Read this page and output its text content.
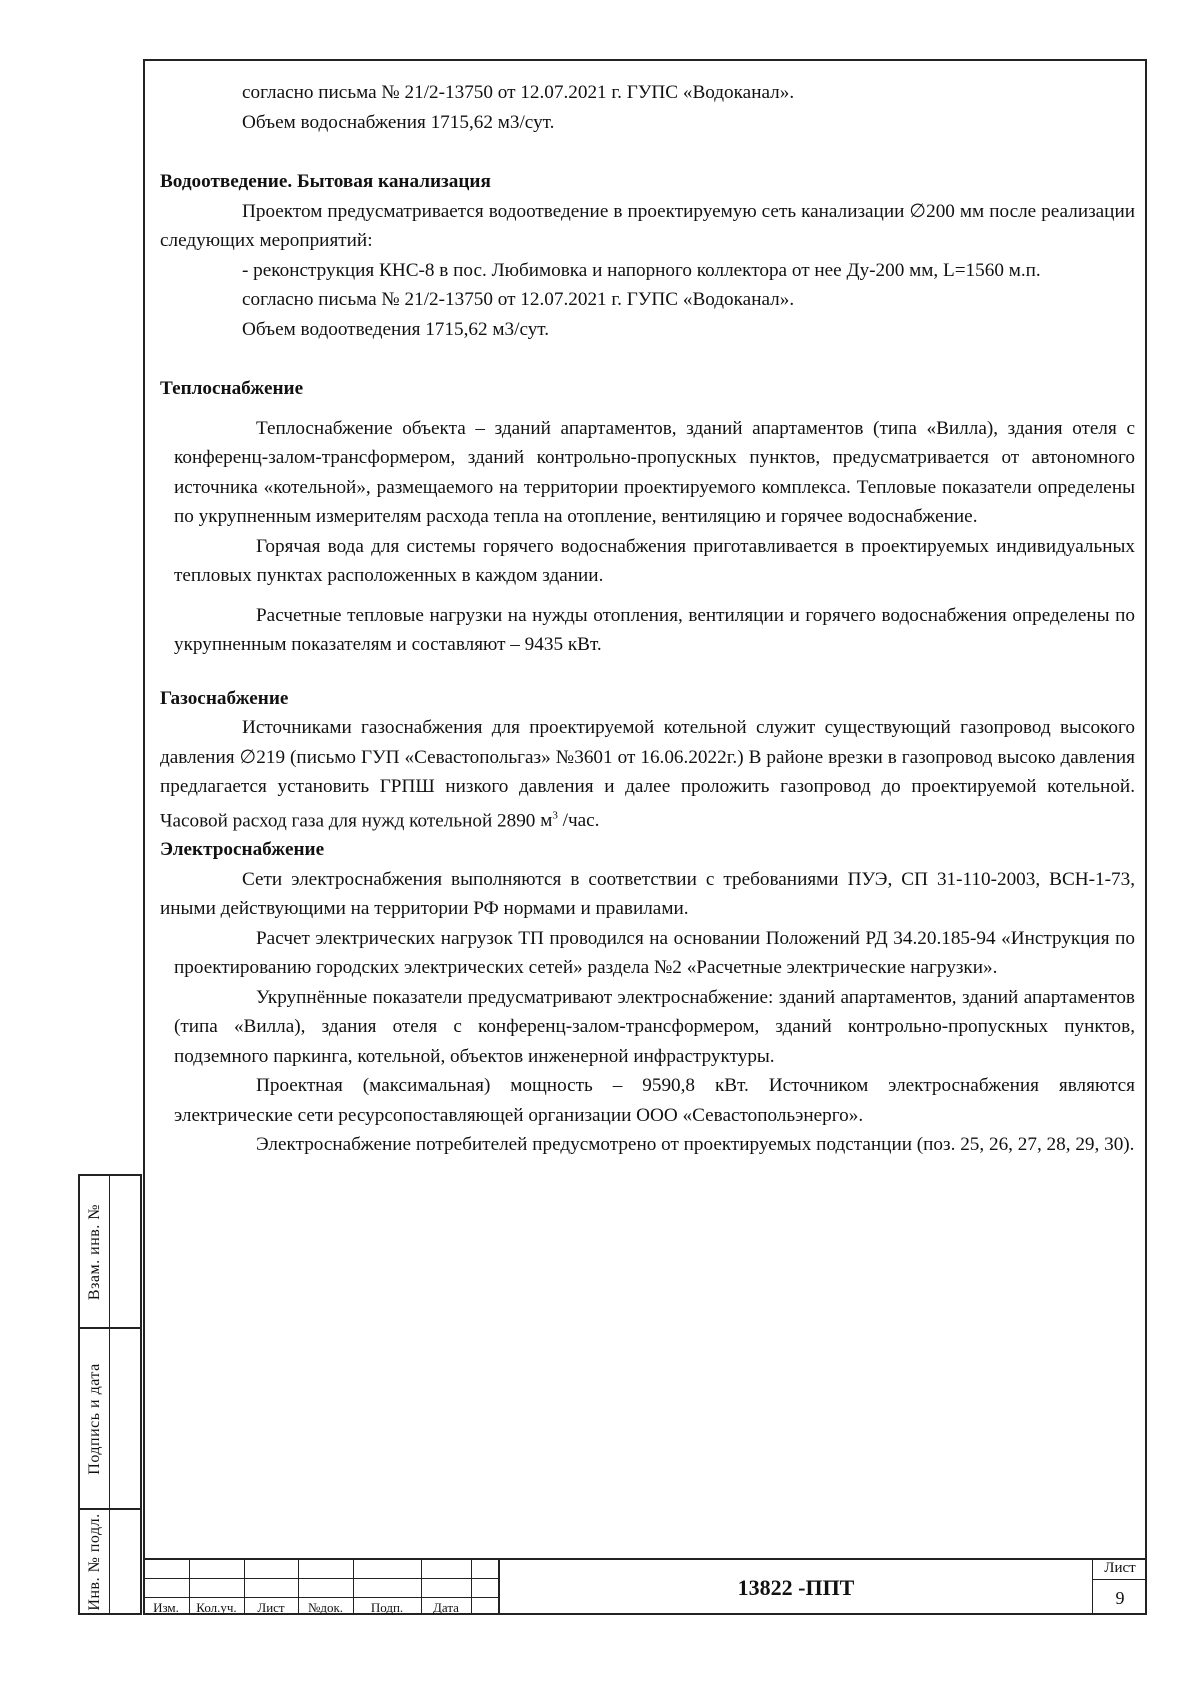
согласно письма № 21/2-13750 от 12.07.2021 г. ГУПС «Водоканал».

Объем водоснабжения 1715,62 м3/сут.

Водоотведение. Бытовая канализация

Проектом предусматривается водоотведение в проектируемую сеть канализации ∅200 мм после реализации следующих мероприятий:

- реконструкция КНС-8 в пос. Любимовка и напорного коллектора от нее Ду-200 мм, L=1560 м.п.

согласно письма № 21/2-13750 от 12.07.2021 г. ГУПС «Водоканал».

Объем водоотведения 1715,62 м3/сут.

Теплоснабжение

Теплоснабжение объекта – зданий апартаментов, зданий апартаментов (типа «Вилла), здания отеля с конференц-залом-трансформером, зданий контрольно-пропускных пунктов, предусматривается от автономного источника «котельной», размещаемого на территории проектируемого комплекса. Тепловые показатели определены по укрупненным измерителям расхода тепла на отопление, вентиляцию и горячее водоснабжение.

Горячая вода для системы горячего водоснабжения приготавливается в проектируемых индивидуальных тепловых пунктах расположенных в каждом здании.

Расчетные тепловые нагрузки на нужды отопления, вентиляции и горячего водоснабжения определены по укрупненным показателям и составляют – 9435 кВт.

Газоснабжение

Источниками газоснабжения для проектируемой котельной служит существующий газопровод высокого давления ∅219 (письмо ГУП «Севастопольгаз» №3601 от 16.06.2022г.) В районе врезки в газопровод высоко давления предлагается установить ГРПШ низкого давления и далее проложить газопровод до проектируемой котельной. Часовой расход газа для нужд котельной 2890 $м^3$ /час.

Электроснабжение

Сети электроснабжения выполняются в соответствии с требованиями ПУЭ, СП 31-110-2003, ВСН-1-73, иными действующими на территории РФ нормами и правилами.

Расчет электрических нагрузок ТП проводился на основании Положений РД 34.20.185-94 «Инструкция по проектированию городских электрических сетей» раздела №2 «Расчетные электрические нагрузки».

Укрупнённые показатели предусматривают электроснабжение: зданий апартаментов, зданий апартаментов (типа «Вилла), здания отеля с конференц-залом-трансформером, зданий контрольно-пропускных пунктов, подземного паркинга, котельной, объектов инженерной инфраструктуры.

Проектная (максимальная) мощность – 9590,8 кВт. Источником электроснабжения являются электрические сети ресурсопоставляющей организации ООО «Севастопольэнерго».

Электроснабжение потребителей предусмотрено от проектируемых подстанции (поз. 25, 26, 27, 28, 29, 30).

Взам. инв. №
Подпись и дата
Инв. № подл.	Изм.	Кол.уч.	Лист	№док.	Подп.	Дата
13822 -ППТ
Лист
9
